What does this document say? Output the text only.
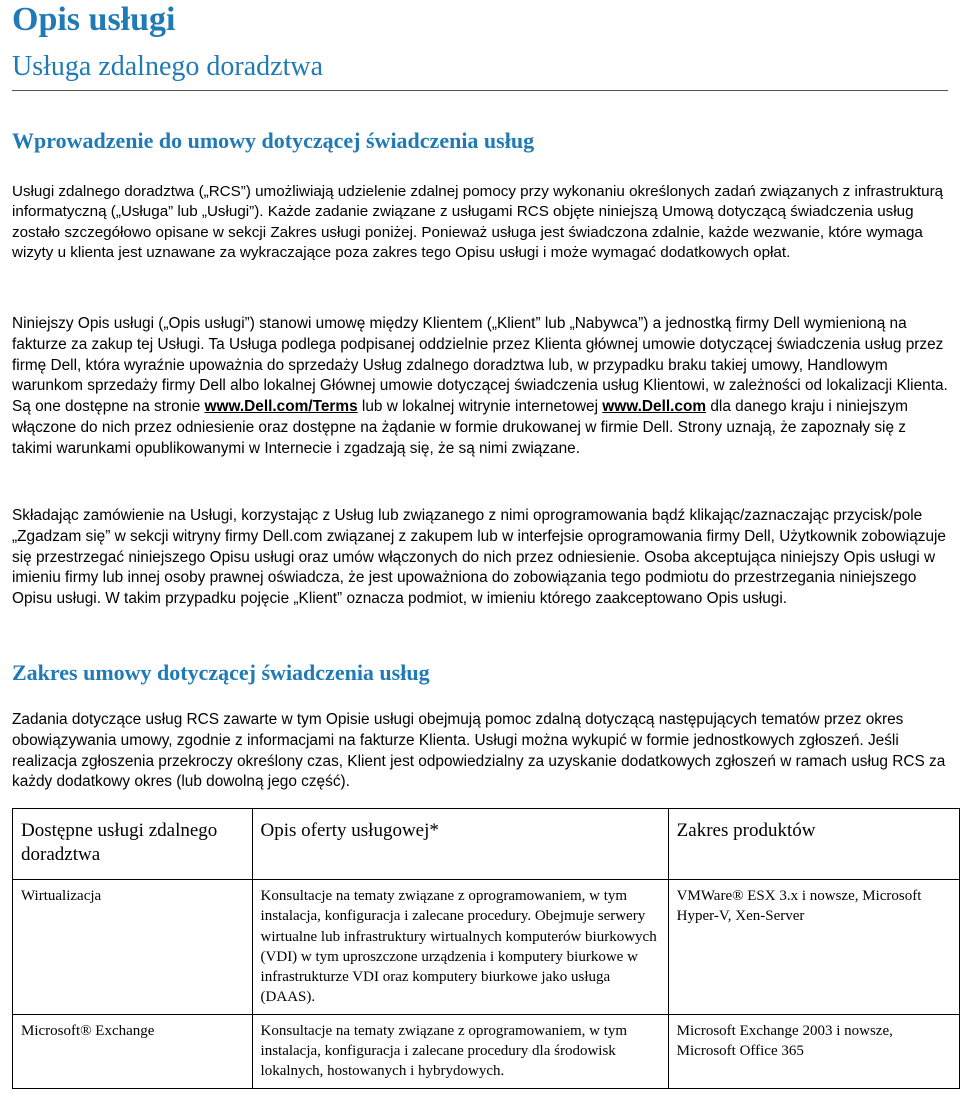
Opis usługi
Usługa zdalnego doradztwa
Wprowadzenie do umowy dotyczącej świadczenia usług

Usługi zdalnego doradztwa („RCS”) umożliwiają udzielenie zdalnej pomocy przy wykonaniu określonych zadań związanych z infrastrukturą informatyczną („Usługa” lub „Usługi”). Każde zadanie związane z usługami RCS objęte niniejszą Umową dotyczącą świadczenia usług zostało szczegółowo opisane w sekcji Zakres usługi poniżej. Ponieważ usługa jest świadczona zdalnie, każde wezwanie, które wymaga wizyty u klienta jest uznawane za wykraczające poza zakres tego Opisu usługi i może wymagać dodatkowych opłat.

Niniejszy Opis usługi („Opis usługi”) stanowi umowę między Klientem („Klient” lub „Nabywca”) a jednostką firmy Dell wymienioną na fakturze za zakup tej Usługi. Ta Usługa podlega podpisanej oddzielnie przez Klienta głównej umowie dotyczącej świadczenia usług przez firmę Dell, która wyraźnie upoważnia do sprzedaży Usług zdalnego doradztwa lub, w przypadku braku takiej umowy, Handlowym warunkom sprzedaży firmy Dell albo lokalnej Głównej umowie dotyczącej świadczenia usług Klientowi, w zależności od lokalizacji Klienta. Są one dostępne na stronie www.Dell.com/Terms lub w lokalnej witrynie internetowej www.Dell.com dla danego kraju i niniejszym włączone do nich przez odniesienie oraz dostępne na żądanie w formie drukowanej w firmie Dell. Strony uznają, że zapoznały się z takimi warunkami opublikowanymi w Internecie i zgadzają się, że są nimi związane.

Składając zamówienie na Usługi, korzystając z Usług lub związanego z nimi oprogramowania bądź klikając/zaznaczając przycisk/pole „Zgadzam się” w sekcji witryny firmy Dell.com związanej z zakupem lub w interfejsie oprogramowania firmy Dell, Użytkownik zobowiązuje się przestrzegać niniejszego Opisu usługi oraz umów włączonych do nich przez odniesienie. Osoba akceptująca niniejszy Opis usługi w imieniu firmy lub innej osoby prawnej oświadcza, że jest upoważniona do zobowiązania tego podmiotu do przestrzegania niniejszego Opisu usługi. W takim przypadku pojęcie „Klient” oznacza podmiot, w imieniu którego zaakceptowano Opis usługi.

Zakres umowy dotyczącej świadczenia usług

Zadania dotyczące usług RCS zawarte w tym Opisie usługi obejmują pomoc zdalną dotyczącą następujących tematów przez okres obowiązywania umowy, zgodnie z informacjami na fakturze Klienta. Usługi można wykupić w formie jednostkowych zgłoszeń. Jeśli realizacja zgłoszenia przekroczy określony czas, Klient jest odpowiedzialny za uzyskanie dodatkowych zgłoszeń w ramach usług RCS za każdy dodatkowy okres (lub dowolną jego część).

Dostępne usługi zdalnego doradztwa	Opis oferty usługowej*	Zakres produktów
Wirtualizacja	Konsultacje na tematy związane z oprogramowaniem, w tym instalacja, konfiguracja i zalecane procedury. Obejmuje serwery wirtualne lub infrastruktury wirtualnych komputerów biurkowych (VDI) w tym uproszczone urządzenia i komputery biurkowe w infrastrukturze VDI oraz komputery biurkowe jako usługa (DAAS).	VMWare® ESX 3.x i nowsze, Microsoft Hyper-V, Xen-Server
Microsoft® Exchange	Konsultacje na tematy związane z oprogramowaniem, w tym instalacja, konfiguracja i zalecane procedury dla środowisk lokalnych, hostowanych i hybrydowych.	Microsoft Exchange 2003 i nowsze, Microsoft Office 365
